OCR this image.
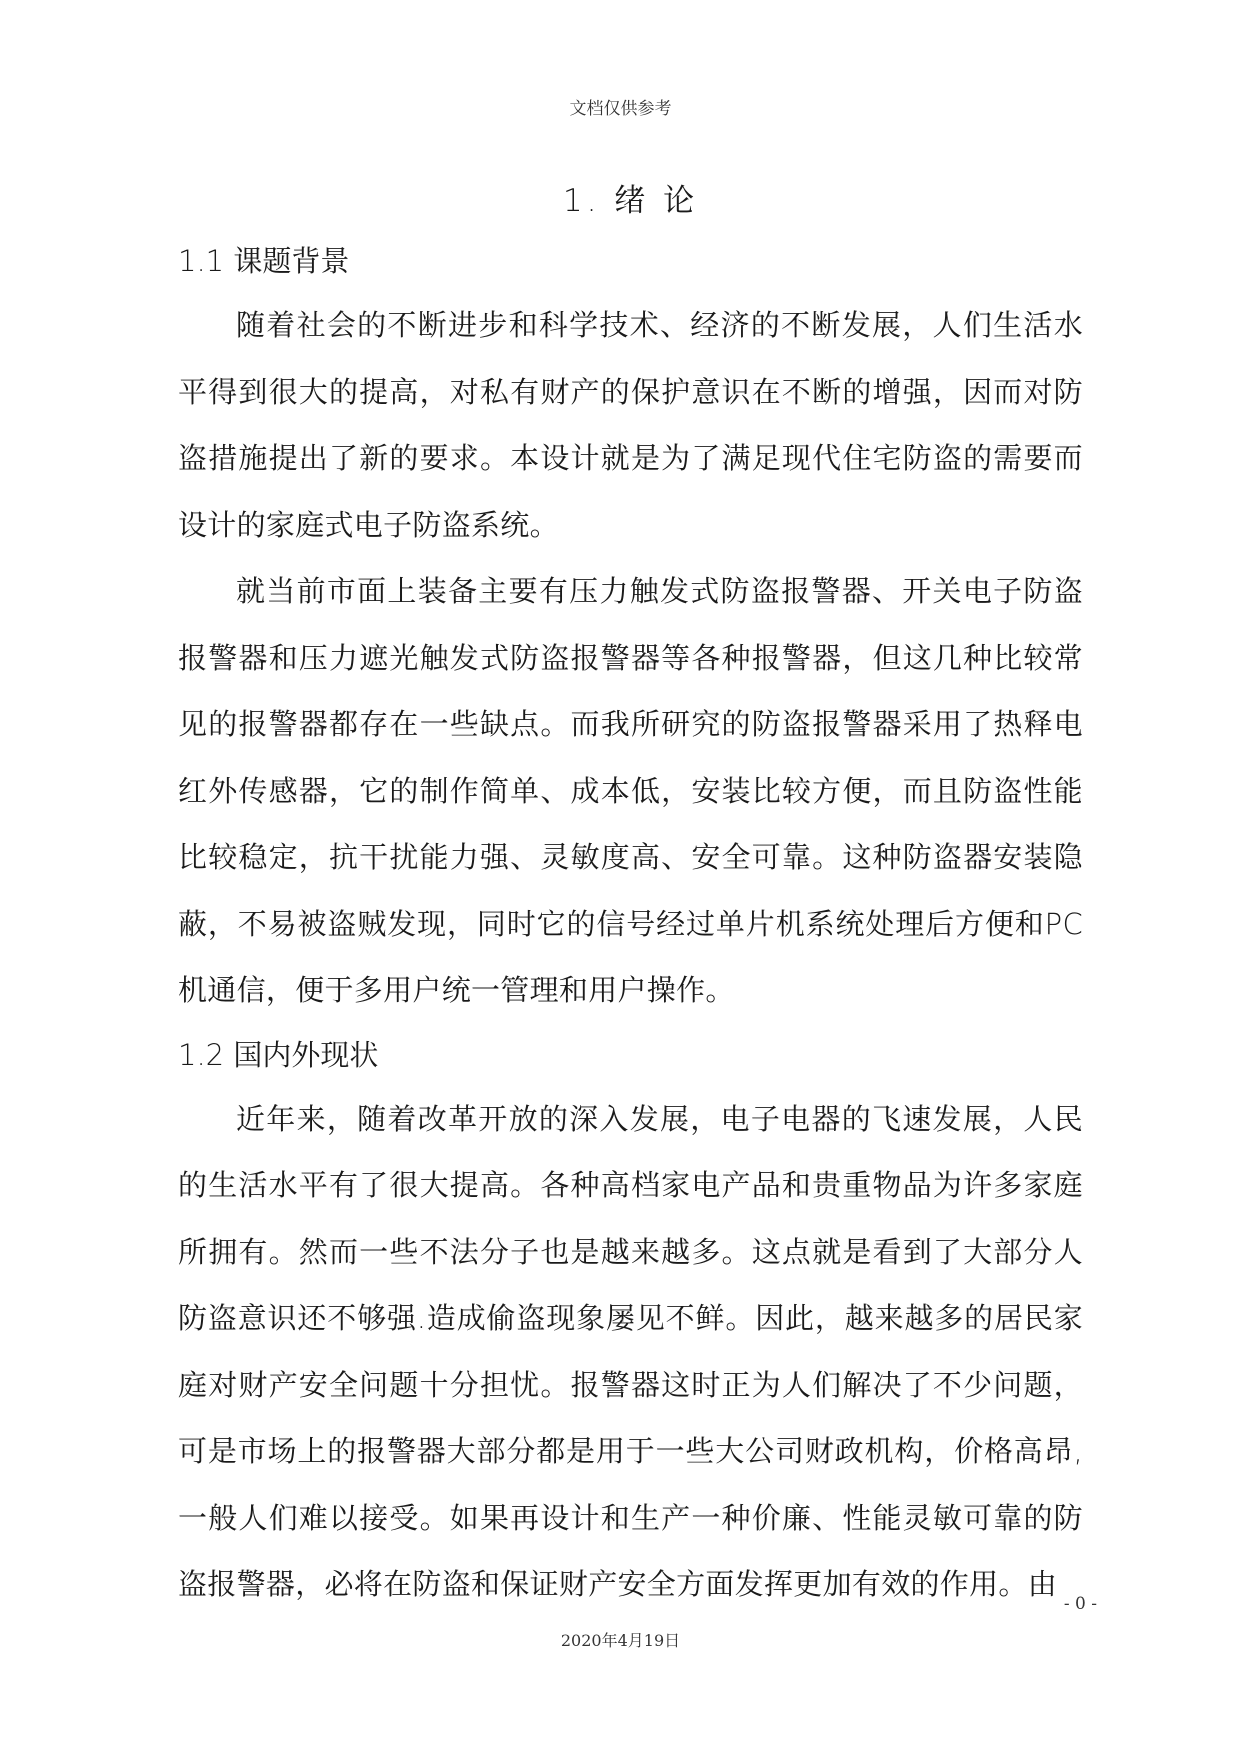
文档仅供参考
1. 绪 论
1.1 课题背景

随着社会的不断进步和科学技术、经济的不断发展，人们生活水平得到很大的提高，对私有财产的保护意识在不断的增强，因而对防盗措施提出了新的要求。本设计就是为了满足现代住宅防盗的需要而设计的家庭式电子防盗系统。

就当前市面上装备主要有压力触发式防盗报警器、开关电子防盗报警器和压力遮光触发式防盗报警器等各种报警器，但这几种比较常见的报警器都存在一些缺点。而我所研究的防盗报警器采用了热释电红外传感器，它的制作简单、成本低，安装比较方便，而且防盗性能比较稳定，抗干扰能力强、灵敏度高、安全可靠。这种防盗器安装隐蔽，不易被盗贼发现，同时它的信号经过单片机系统处理后方便和PC机通信，便于多用户统一管理和用户操作。

1.2 国内外现状

近年来，随着改革开放的深入发展，电子电器的飞速发展，人民的生活水平有了很大提高。各种高档家电产品和贵重物品为许多家庭所拥有。然而一些不法分子也是越来越多。这点就是看到了大部分人防盗意识还不够强.造成偷盗现象屡见不鲜。因此，越来越多的居民家庭对财产安全问题十分担忧。报警器这时正为人们解决了不少问题，可是市场上的报警器大部分都是用于一些大公司财政机构，价格高昂,一般人们难以接受。如果再设计和生产一种价廉、性能灵敏可靠的防盗报警器，必将在防盗和保证财产安全方面发挥更加有效的作用。由

- 0 -
2020年4月19日
